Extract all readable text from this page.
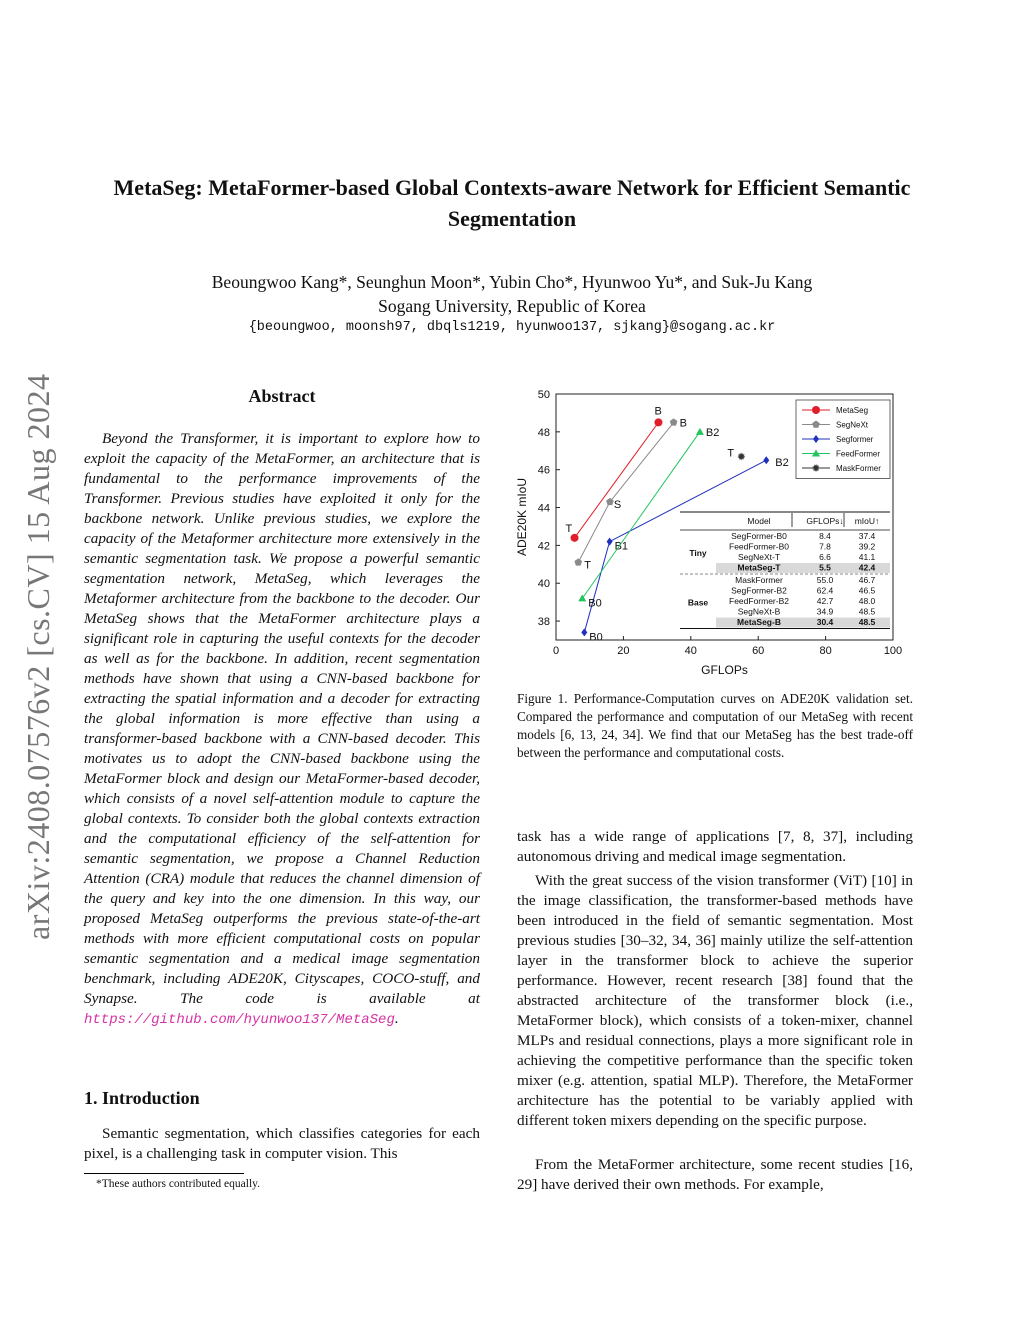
arXiv:2408.07576v2 [cs.CV] 15 Aug 2024
MetaSeg: MetaFormer-based Global Contexts-aware Network for Efficient Semantic Segmentation
Beoungwoo Kang*, Seunghun Moon*, Yubin Cho*, Hyunwoo Yu*, and Suk-Ju Kang
Sogang University, Republic of Korea
{beoungwoo, moonsh97, dbqls1219, hyunwoo137, sjkang}@sogang.ac.kr
Abstract
Beyond the Transformer, it is important to explore how to exploit the capacity of the MetaFormer, an architecture that is fundamental to the performance improvements of the Transformer. Previous studies have exploited it only for the backbone network. Unlike previous studies, we explore the capacity of the Metaformer architecture more extensively in the semantic segmentation task. We propose a powerful semantic segmentation network, MetaSeg, which leverages the Metaformer architecture from the backbone to the decoder. Our MetaSeg shows that the MetaFormer architecture plays a significant role in capturing the useful contexts for the decoder as well as for the backbone. In addition, recent segmentation methods have shown that using a CNN-based backbone for extracting the spatial information and a decoder for extracting the global information is more effective than using a transformer-based backbone with a CNN-based decoder. This motivates us to adopt the CNN-based backbone using the MetaFormer block and design our MetaFormer-based decoder, which consists of a novel self-attention module to capture the global contexts. To consider both the global contexts extraction and the computational efficiency of the self-attention for semantic segmentation, we propose a Channel Reduction Attention (CRA) module that reduces the channel dimension of the query and key into the one dimension. In this way, our proposed MetaSeg outperforms the previous state-of-the-art methods with more efficient computational costs on popular semantic segmentation and a medical image segmentation benchmark, including ADE20K, Cityscapes, COCO-stuff, and Synapse. The code is available at https://github.com/hyunwoo137/MetaSeg.
1. Introduction
Semantic segmentation, which classifies categories for each pixel, is a challenging task in computer vision. This
*These authors contributed equally.
0	20	40	60	80	100
38
40
42
44
46
48
50
GFLOPs
ADE20K mIoU	T
B
T
S
B
B0
B1
B2
B0
B2
T
MetaSeg
SegNeXt
Segformer
FeedFormer
MaskFormer
Model	GFLOPs↓ mIoU↑
SegFormer-B0	8.4	37.4
FeedFormer-B0	7.8	39.2
SegNeXt-T	6.6	41.1
MetaSeg-T	5.5	42.4
Tiny
MaskFormer	55.0	46.7
SegFormer-B2	62.4	46.5
FeedFormer-B2	42.7	48.0
SegNeXt-B	34.9	48.5
MetaSeg-B	30.4	48.5
Base
Figure 1. Performance-Computation curves on ADE20K validation set. Compared the performance and computation of our MetaSeg with recent models [6, 13, 24, 34]. We find that our MetaSeg has the best trade-off between the performance and computational costs.
task has a wide range of applications [7, 8, 37], including autonomous driving and medical image segmentation.
With the great success of the vision transformer (ViT) [10] in the image classification, the transformer-based methods have been introduced in the field of semantic segmentation. Most previous studies [30–32, 34, 36] mainly utilize the self-attention layer in the transformer block to achieve the superior performance. However, recent research [38] found that the abstracted architecture of the transformer block (i.e., MetaFormer block), which consists of a token-mixer, channel MLPs and residual connections, plays a more significant role in achieving the competitive performance than the specific token mixer (e.g. attention, spatial MLP). Therefore, the MetaFormer architecture has the potential to be variably applied with different token mixers depending on the specific purpose.
From the MetaFormer architecture, some recent studies [16, 29] have derived their own methods. For example,
